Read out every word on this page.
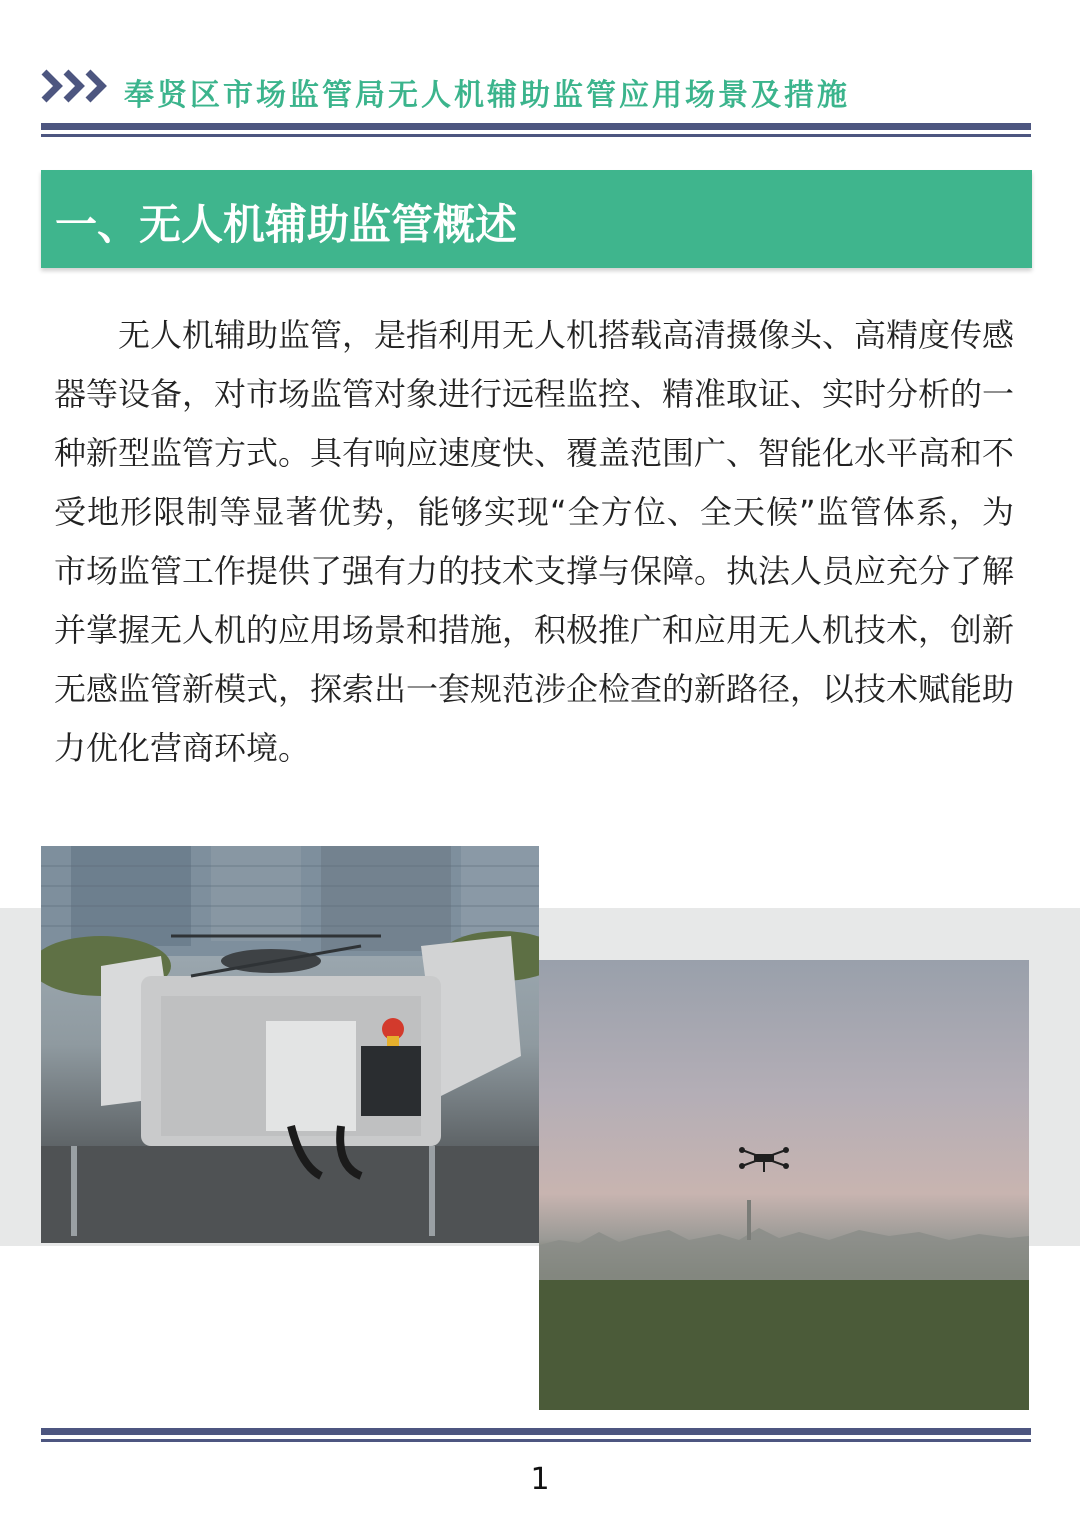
奉贤区市场监管局无人机辅助监管应用场景及措施
一、无人机辅助监管概述

无人机辅助监管，是指利用无人机搭载高清摄像头、高精度传感器等设备，对市场监管对象进行远程监控、精准取证、实时分析的一种新型监管方式。具有响应速度快、覆盖范围广、智能化水平高和不受地形限制等显著优势，能够实现“全方位、全天候”监管体系，为市场监管工作提供了强有力的技术支撑与保障。执法人员应充分了解并掌握无人机的应用场景和措施，积极推广和应用无人机技术，创新无感监管新模式，探索出一套规范涉企检查的新路径，以技术赋能助力优化营商环境。

1
